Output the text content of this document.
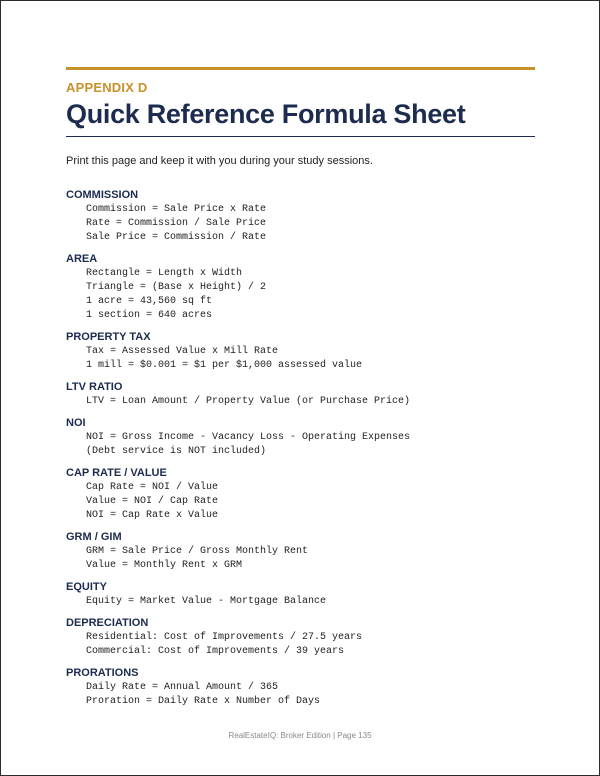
APPENDIX D
Quick Reference Formula Sheet
Print this page and keep it with you during your study sessions.
COMMISSION
Commission = Sale Price x Rate
Rate = Commission / Sale Price
Sale Price = Commission / Rate
AREA
Rectangle = Length x Width
Triangle = (Base x Height) / 2
1 acre = 43,560 sq ft
1 section = 640 acres
PROPERTY TAX
Tax = Assessed Value x Mill Rate
1 mill = $0.001 = $1 per $1,000 assessed value
LTV RATIO
LTV = Loan Amount / Property Value (or Purchase Price)
NOI
NOI = Gross Income - Vacancy Loss - Operating Expenses
(Debt service is NOT included)
CAP RATE / VALUE
Cap Rate = NOI / Value
Value = NOI / Cap Rate
NOI = Cap Rate x Value
GRM / GIM
GRM = Sale Price / Gross Monthly Rent
Value = Monthly Rent x GRM
EQUITY
Equity = Market Value - Mortgage Balance
DEPRECIATION
Residential: Cost of Improvements / 27.5 years
Commercial: Cost of Improvements / 39 years
PRORATIONS
Daily Rate = Annual Amount / 365
Proration = Daily Rate x Number of Days
RealEstateIQ: Broker Edition | Page 135
